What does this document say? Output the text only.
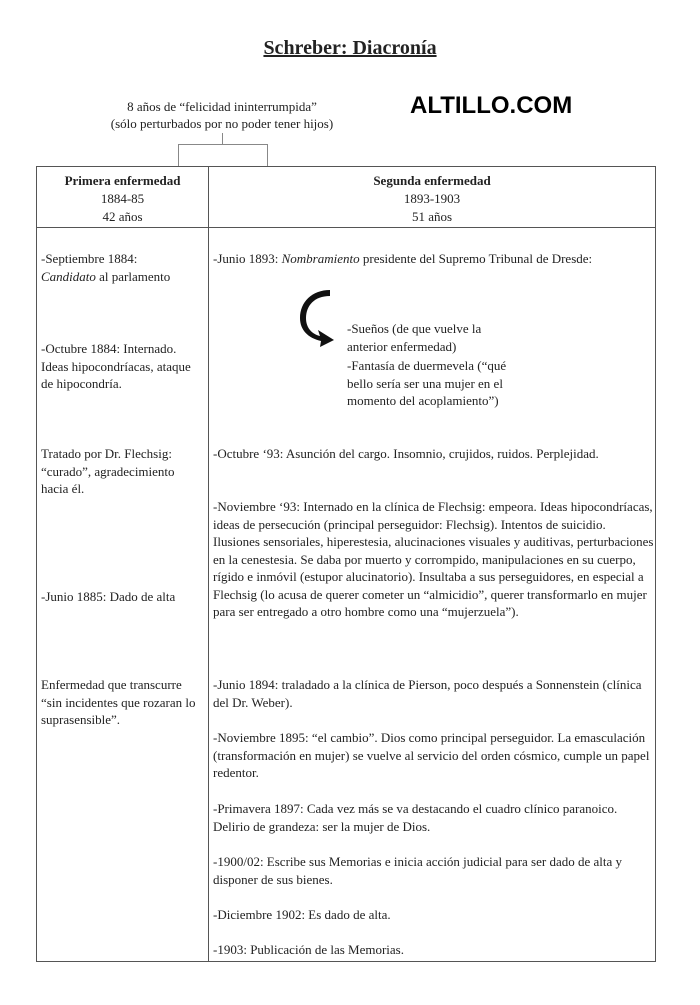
Schreber: Diacronía
ALTILLO.COM
8 años de “felicidad ininterrumpida”
(sólo perturbados por no poder tener hijos)
Primera enfermedad
1884-85
42 años
Segunda enfermedad
1893-1903
51 años
-Septiembre 1884:
Candidato al parlamento
-Octubre 1884: Internado. Ideas hipocondríacas, ataque de hipocondría.
Tratado por Dr. Flechsig: “curado”, agradecimiento hacia él.
-Junio 1885: Dado de alta
Enfermedad que transcurre “sin incidentes que rozaran lo suprasensible”.
-Junio 1893: Nombramiento presidente del Supremo Tribunal de Dresde:
-Sueños (de que vuelve la anterior enfermedad)
-Fantasía de duermevela (“qué bello sería ser una mujer en el momento del acoplamiento”)
-Octubre ‘93: Asunción del cargo. Insomnio, crujidos, ruidos. Perplejidad.
-Noviembre ‘93: Internado en la clínica de Flechsig: empeora. Ideas hipocondríacas, ideas de persecución (principal perseguidor: Flechsig). Intentos de suicidio. Ilusiones sensoriales, hiperestesia, alucinaciones visuales y auditivas, perturbaciones en la cenestesia. Se daba por muerto y corrompido, manipulaciones en su cuerpo, rígido e inmóvil (estupor alucinatorio). Insultaba a sus perseguidores, en especial a Flechsig (lo acusa de querer cometer un “almicidio”, querer transformarlo en mujer para ser entregado a otro hombre como una “mujerzuela”).
-Junio 1894: traladado a la clínica de Pierson, poco después a Sonnenstein (clínica del Dr. Weber).
-Noviembre 1895: “el cambio”. Dios como principal perseguidor. La emasculación (transformación en mujer) se vuelve al servicio del orden cósmico, cumple un papel redentor.
-Primavera 1897: Cada vez más se va destacando el cuadro clínico paranoico. Delirio de grandeza: ser la mujer de Dios.
-1900/02: Escribe sus Memorias e inicia acción judicial para ser dado de alta y disponer de sus bienes.
-Diciembre 1902: Es dado de alta.
-1903: Publicación de las Memorias.
